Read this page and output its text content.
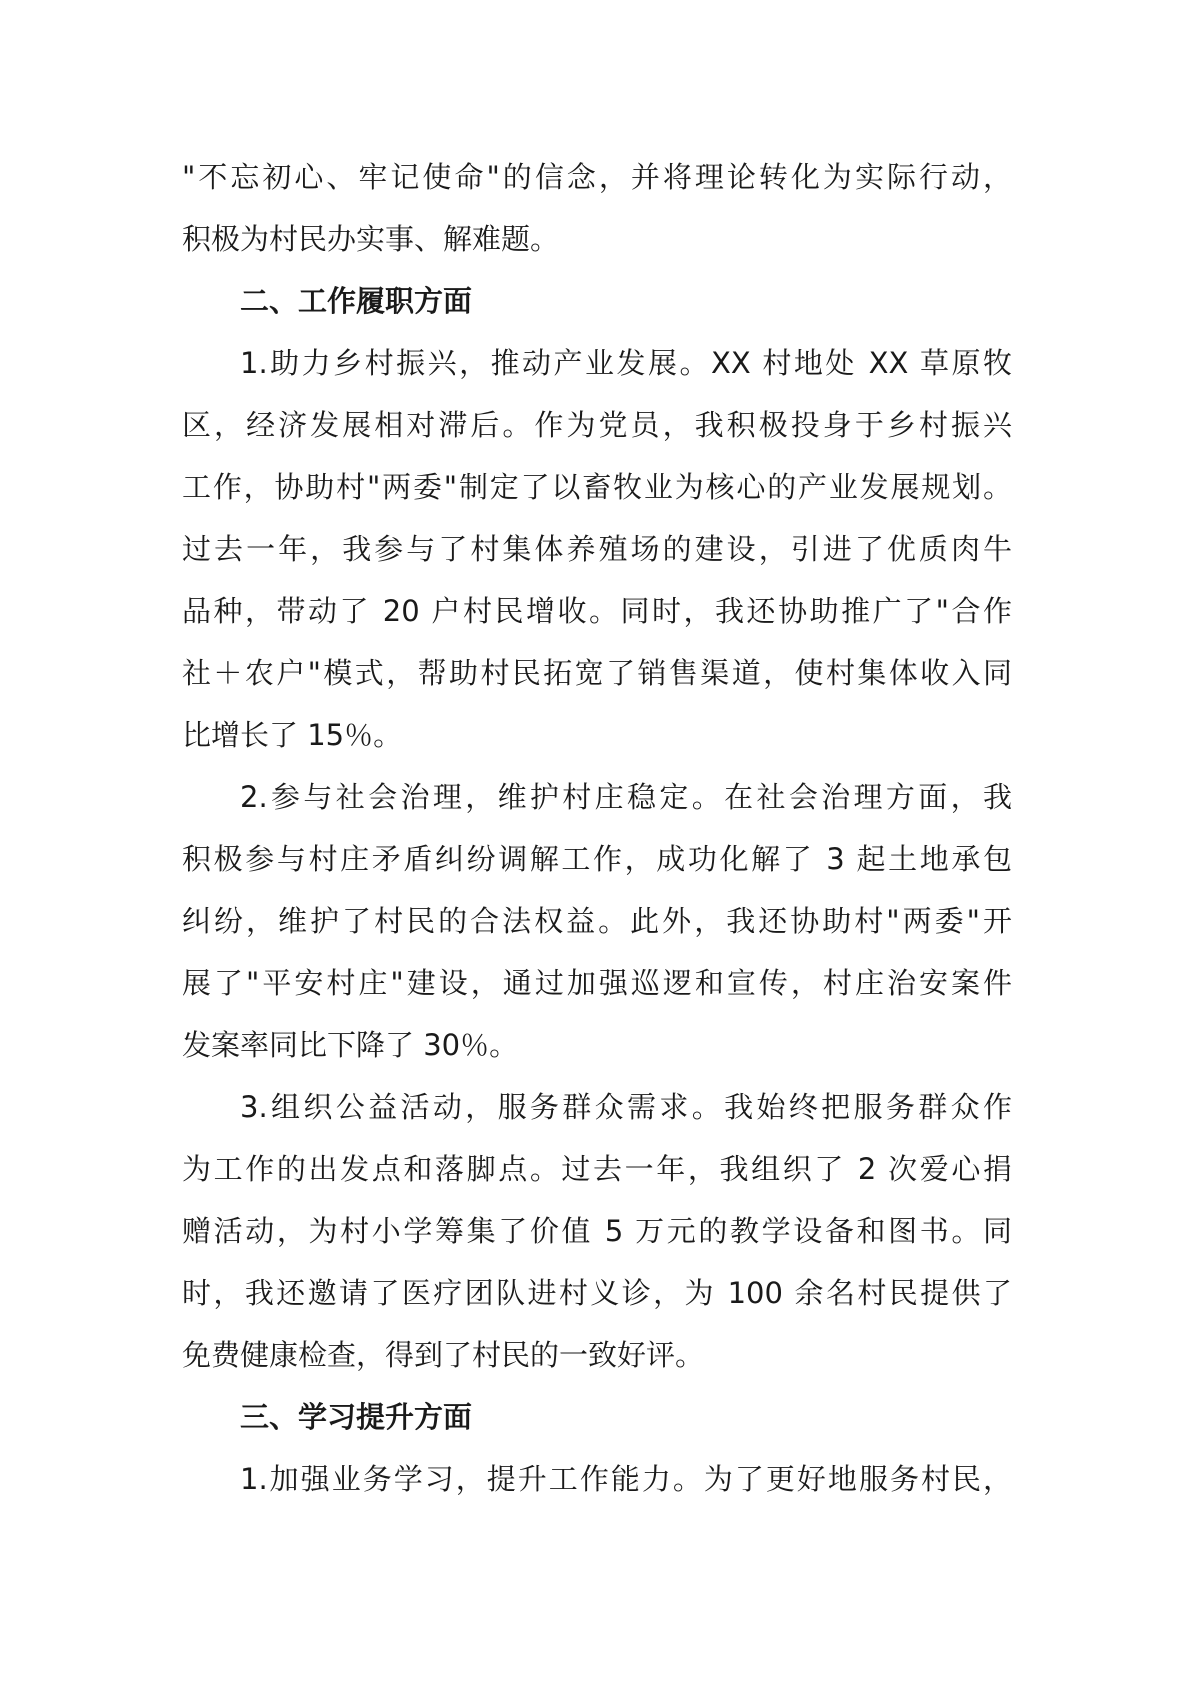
"不忘初心、牢记使命"的信念，并将理论转化为实际行动，
积极为村民办实事、解难题。
二、工作履职方面
1.助力乡村振兴，推动产业发展。XX 村地处 XX 草原牧
区，经济发展相对滞后。作为党员，我积极投身于乡村振兴
工作，协助村"两委"制定了以畜牧业为核心的产业发展规划。
过去一年，我参与了村集体养殖场的建设，引进了优质肉牛
品种，带动了 20 户村民增收。同时，我还协助推广了"合作
社＋农户"模式，帮助村民拓宽了销售渠道，使村集体收入同
比增长了 15％。
2.参与社会治理，维护村庄稳定。在社会治理方面，我
积极参与村庄矛盾纠纷调解工作，成功化解了 3 起土地承包
纠纷，维护了村民的合法权益。此外，我还协助村"两委"开
展了"平安村庄"建设，通过加强巡逻和宣传，村庄治安案件
发案率同比下降了 30％。
3.组织公益活动，服务群众需求。我始终把服务群众作
为工作的出发点和落脚点。过去一年，我组织了 2 次爱心捐
赠活动，为村小学筹集了价值 5 万元的教学设备和图书。同
时，我还邀请了医疗团队进村义诊，为 100 余名村民提供了
免费健康检查，得到了村民的一致好评。
三、学习提升方面
1.加强业务学习，提升工作能力。为了更好地服务村民，
